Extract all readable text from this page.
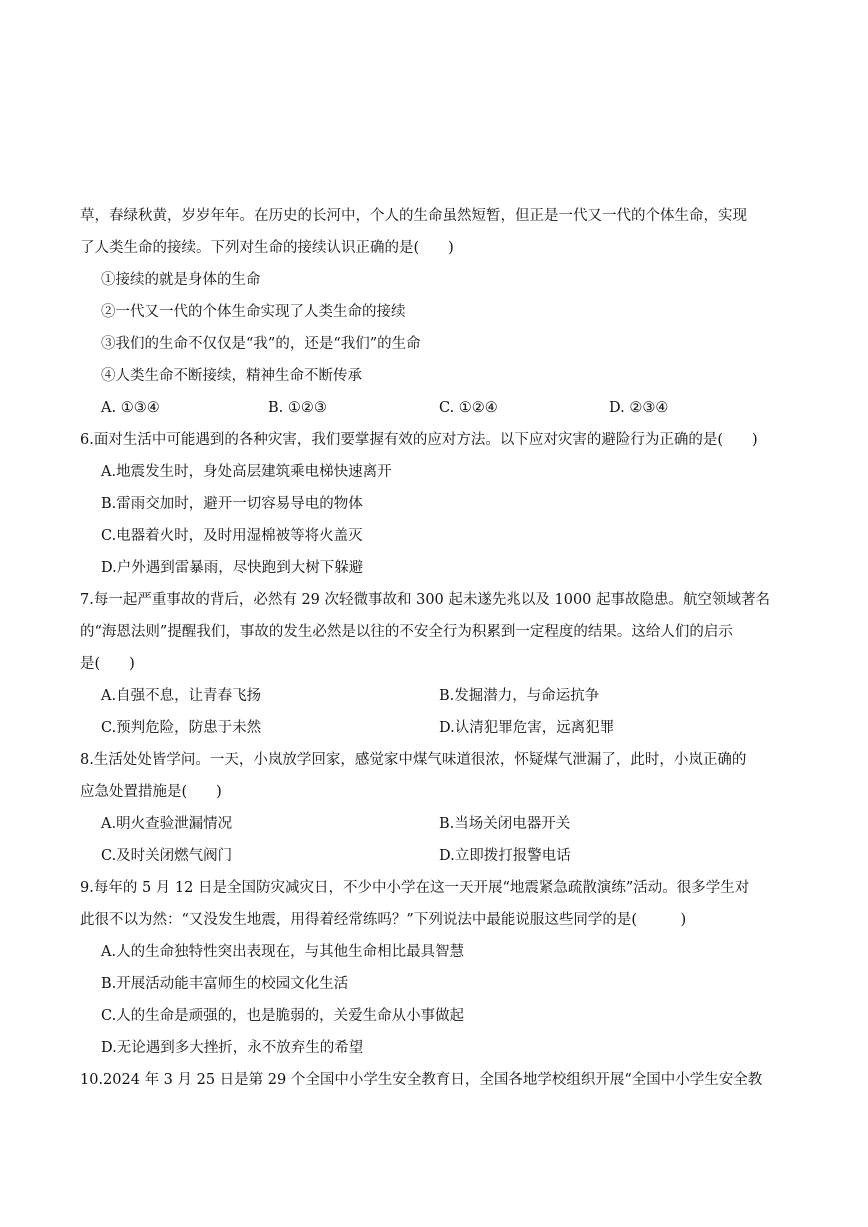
草，春绿秋黄，岁岁年年。在历史的长河中，个人的生命虽然短暂，但正是一代又一代的个体生命，实现
了人类生命的接续。下列对生命的接续认识正确的是(　　)
①接续的就是身体的生命
②一代又一代的个体生命实现了人类生命的接续
③我们的生命不仅仅是“我”的，还是“我们”的生命
④人类生命不断接续，精神生命不断传承
A. ①③④	B. ①②③	C. ①②④	D. ②③④
6.面对生活中可能遇到的各种灾害，我们要掌握有效的应对方法。以下应对灾害的避险行为正确的是(　　)
A.地震发生时，身处高层建筑乘电梯快速离开
B.雷雨交加时，避开一切容易导电的物体
C.电器着火时，及时用湿棉被等将火盖灭
D.户外遇到雷暴雨，尽快跑到大树下躲避
7.每一起严重事故的背后，必然有 29 次轻微事故和 300 起未遂先兆以及 1000 起事故隐患。航空领域著名
的“海恩法则”提醒我们，事故的发生必然是以往的不安全行为积累到一定程度的结果。这给人们的启示
是(　　)
A.自强不息，让青春飞扬	B.发掘潜力，与命运抗争
C.预判危险，防患于未然	D.认清犯罪危害，远离犯罪
8.生活处处皆学问。一天，小岚放学回家，感觉家中煤气味道很浓，怀疑煤气泄漏了，此时，小岚正确的
应急处置措施是(　　)
A.明火查验泄漏情况	B.当场关闭电器开关
C.及时关闭燃气阀门	D.立即拨打报警电话
9.每年的 5 月 12 日是全国防灾减灾日，不少中小学在这一天开展“地震紧急疏散演练”活动。很多学生对
此很不以为然：“又没发生地震，用得着经常练吗？”下列说法中最能说服这些同学的是(　　　)
A.人的生命独特性突出表现在，与其他生命相比最具智慧
B.开展活动能丰富师生的校园文化生活
C.人的生命是顽强的，也是脆弱的，关爱生命从小事做起
D.无论遇到多大挫折，永不放弃生的希望
10.2024 年 3 月 25 日是第 29 个全国中小学生安全教育日，全国各地学校组织开展“全国中小学生安全教
